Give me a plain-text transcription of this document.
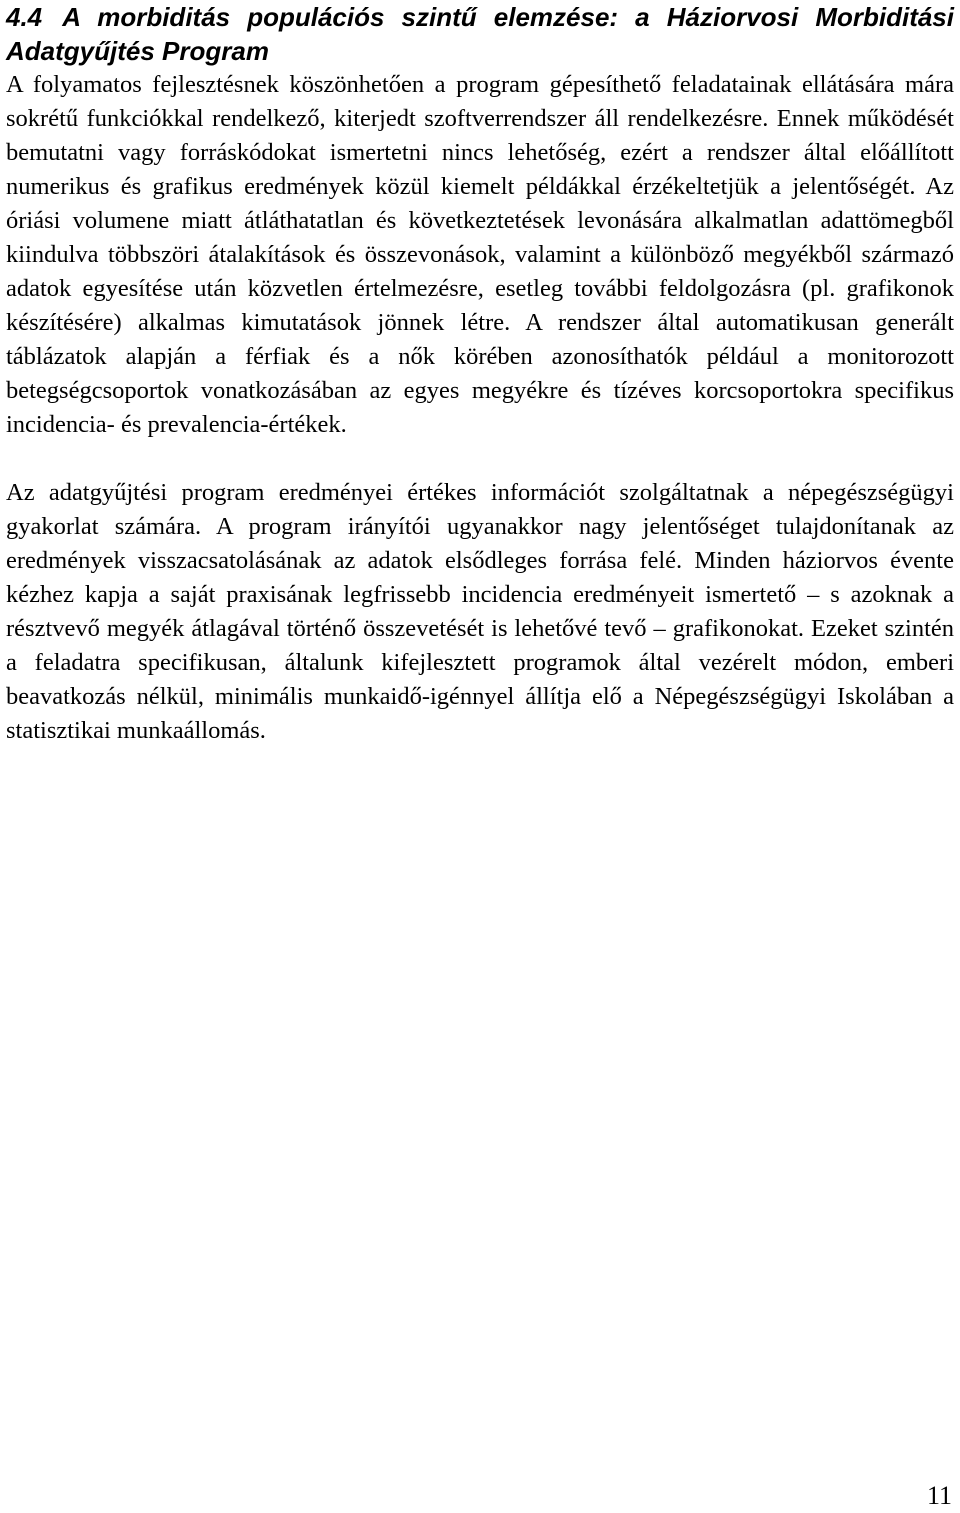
4.4 A morbiditás populációs szintű elemzése: a Háziorvosi Morbiditási Adatgyűjtés Program

A folyamatos fejlesztésnek köszönhetően a program gépesíthető feladatainak ellátására mára sokrétű funkciókkal rendelkező, kiterjedt szoftverrendszer áll rendelkezésre. Ennek működését bemutatni vagy forráskódokat ismertetni nincs lehetőség, ezért a rendszer által előállított numerikus és grafikus eredmények közül kiemelt példákkal érzékeltetjük a jelentőségét. Az óriási volumene miatt átláthatatlan és következtetések levonására alkalmatlan adattömegből kiindulva többszöri átalakítások és összevonások, valamint a különböző megyékből származó adatok egyesítése után közvetlen értelmezésre, esetleg további feldolgozásra (pl. grafikonok készítésére) alkalmas kimutatások jönnek létre. A rendszer által automatikusan generált táblázatok alapján a férfiak és a nők körében azonosíthatók például a monitorozott betegségcsoportok vonatkozásában az egyes megyékre és tízéves korcsoportokra specifikus incidencia- és prevalencia-értékek.

Az adatgyűjtési program eredményei értékes információt szolgáltatnak a népegészségügyi gyakorlat számára. A program irányítói ugyanakkor nagy jelentőséget tulajdonítanak az eredmények visszacsatolásának az adatok elsődleges forrása felé. Minden háziorvos évente kézhez kapja a saját praxisának legfrissebb incidencia eredményeit ismertető – s azoknak a résztvevő megyék átlagával történő összevetését is lehetővé tevő – grafikonokat. Ezeket szintén a feladatra specifikusan, általunk kifejlesztett programok által vezérelt módon, emberi beavatkozás nélkül, minimális munkaidő-igénnyel állítja elő a Népegészségügyi Iskolában a statisztikai munkaállomás.

11
